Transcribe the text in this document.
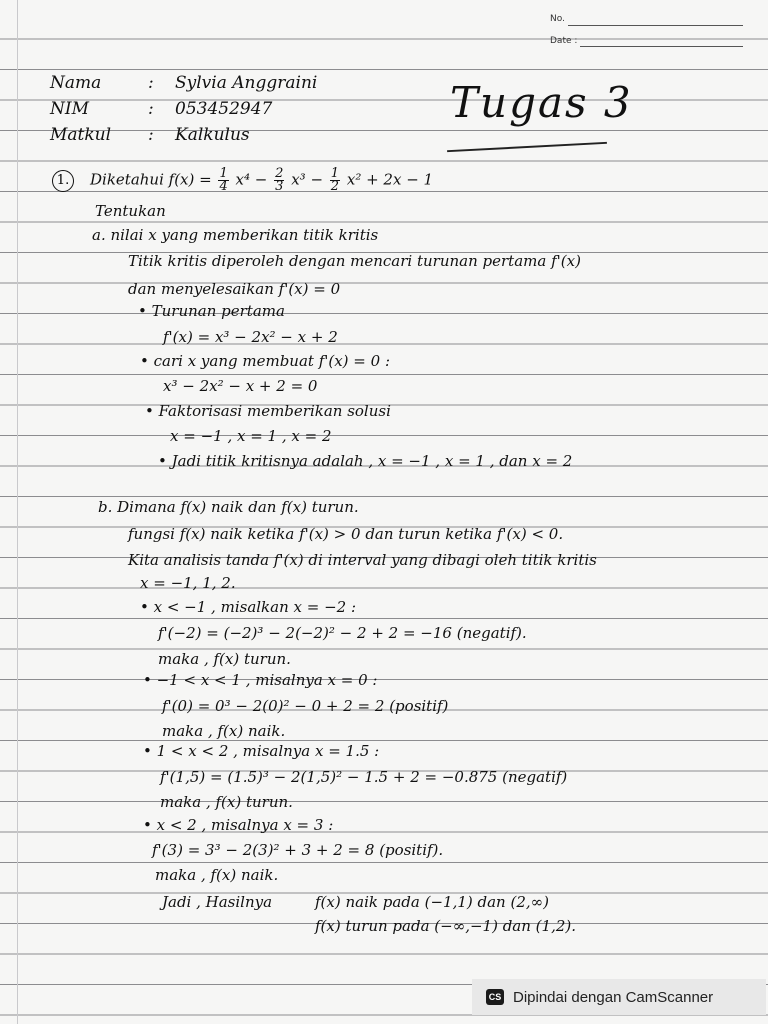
No.
Date :
Nama	: Sylvia Anggraini
NIM	: 053452947
Matkul : Kalkulus
Tugas 3
1.	Diketahui $f(x) = \frac{1}{4} x^4 - \frac{2}{3} x^3 - \frac{1}{2} x^2 + 2x - 1$
Tentukan
a. nilai x yang memberikan titik kritis
Titik kritis diperoleh dengan mencari turunan pertama f'(x)
dan menyelesaikan f'(x) = 0
• Turunan pertama
f'(x) = x³ − 2x² − x + 2
• cari x yang membuat f'(x) = 0 :
x³ − 2x² − x + 2 = 0
• Faktorisasi memberikan solusi
x = −1 , x = 1 , x = 2
• Jadi titik kritisnya adalah , x = −1 , x = 1 , dan x = 2
b. Dimana f(x) naik dan f(x) turun.
fungsi f(x) naik ketika f'(x) > 0 dan turun ketika f'(x) < 0.
Kita analisis tanda f'(x) di interval yang dibagi oleh titik kritis
x = −1, 1, 2.
• x < −1 , misalkan x = −2 :
f'(−2) = (−2)³ − 2(−2)² − 2 + 2 = −16 (negatif).
maka , f(x) turun.
• −1 < x < 1 , misalnya x = 0 :
f'(0) = 0³ − 2(0)² − 0 + 2 = 2 (positif)
maka , f(x) naik.
• 1 < x < 2 , misalnya x = 1.5 :
f'(1,5) = (1.5)³ − 2(1,5)² − 1.5 + 2 = −0.875 (negatif)
maka , f(x) turun.
• x < 2 , misalnya x = 3 :
f'(3) = 3³ − 2(3)² + 3 + 2 = 8 (positif).
maka , f(x) naik.
Jadi , Hasilnya	f(x) naik pada (−1,1) dan (2,∞)
f(x) turun pada (−∞,−1) dan (1,2).
CS Dipindai dengan CamScanner
